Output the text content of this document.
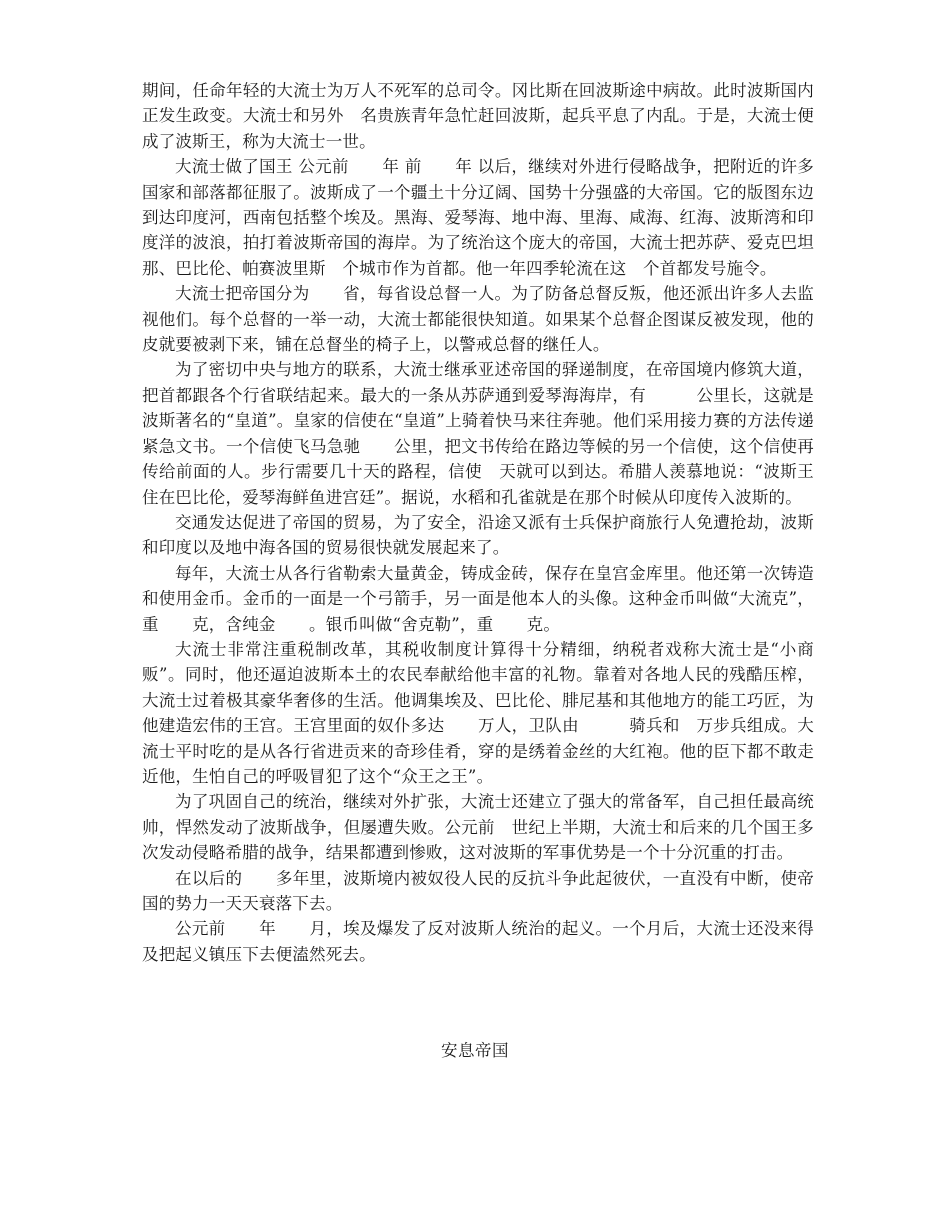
期间，任命年轻的大流士为万人不死军的总司令。冈比斯在回波斯途中病故。此时波斯国内正发生政变。大流士和另外　名贵族青年急忙赶回波斯，起兵平息了内乱。于是，大流士便成了波斯王，称为大流士一世。

大流士做了国王 公元前　　年 前　　年 以后，继续对外进行侵略战争，把附近的许多国家和部落都征服了。波斯成了一个疆土十分辽阔、国势十分强盛的大帝国。它的版图东边到达印度河，西南包括整个埃及。黑海、爱琴海、地中海、里海、咸海、红海、波斯湾和印度洋的波浪，拍打着波斯帝国的海岸。为了统治这个庞大的帝国，大流士把苏萨、爱克巴坦那、巴比伦、帕赛波里斯　个城市作为首都。他一年四季轮流在这　个首都发号施令。

大流士把帝国分为　　省，每省设总督一人。为了防备总督反叛，他还派出许多人去监视他们。每个总督的一举一动，大流士都能很快知道。如果某个总督企图谋反被发现，他的皮就要被剥下来，铺在总督坐的椅子上，以警戒总督的继任人。

为了密切中央与地方的联系，大流士继承亚述帝国的驿递制度，在帝国境内修筑大道，把首都跟各个行省联结起来。最大的一条从苏萨通到爱琴海海岸，有　　　公里长，这就是波斯著名的“皇道”。皇家的信使在“皇道”上骑着快马来往奔驰。他们采用接力赛的方法传递紧急文书。一个信使飞马急驰　　公里，把文书传给在路边等候的另一个信使，这个信使再传给前面的人。步行需要几十天的路程，信使　天就可以到达。希腊人羡慕地说：“波斯王住在巴比伦，爱琴海鲜鱼进宫廷”。据说，水稻和孔雀就是在那个时候从印度传入波斯的。

交通发达促进了帝国的贸易，为了安全，沿途又派有士兵保护商旅行人免遭抢劫，波斯和印度以及地中海各国的贸易很快就发展起来了。

每年，大流士从各行省勒索大量黄金，铸成金砖，保存在皇宫金库里。他还第一次铸造和使用金币。金币的一面是一个弓箭手，另一面是他本人的头像。这种金币叫做“大流克”，重　　克，含纯金　　。银币叫做“舍克勒”，重　　克。

大流士非常注重税制改革，其税收制度计算得十分精细，纳税者戏称大流士是“小商贩”。同时，他还逼迫波斯本土的农民奉献给他丰富的礼物。靠着对各地人民的残酷压榨，大流士过着极其豪华奢侈的生活。他调集埃及、巴比伦、腓尼基和其他地方的能工巧匠，为他建造宏伟的王宫。王宫里面的奴仆多达　　万人，卫队由　　　骑兵和　万步兵组成。大流士平时吃的是从各行省进贡来的奇珍佳肴，穿的是绣着金丝的大红袍。他的臣下都不敢走近他，生怕自己的呼吸冒犯了这个“众王之王”。

为了巩固自己的统治，继续对外扩张，大流士还建立了强大的常备军，自己担任最高统帅，悍然发动了波斯战争，但屡遭失败。公元前　世纪上半期，大流士和后来的几个国王多次发动侵略希腊的战争，结果都遭到惨败，这对波斯的军事优势是一个十分沉重的打击。

在以后的　　多年里，波斯境内被奴役人民的反抗斗争此起彼伏，一直没有中断，使帝国的势力一天天衰落下去。

公元前　　年　　月，埃及爆发了反对波斯人统治的起义。一个月后，大流士还没来得及把起义镇压下去便溘然死去。

安息帝国
